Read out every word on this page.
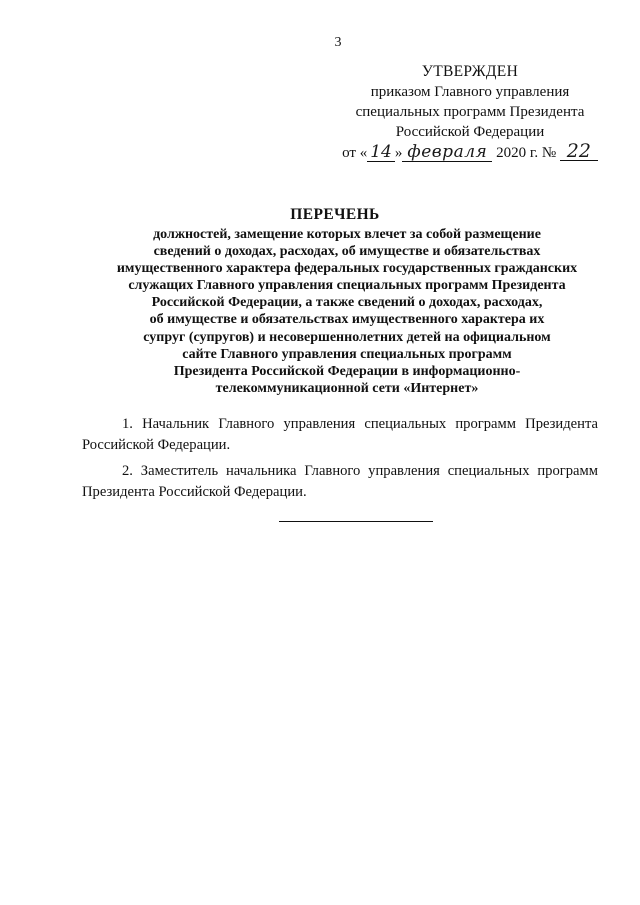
3
УТВЕРЖДЕН
приказом Главного управления
специальных программ Президента
Российской Федерации
от « 14 » февраля 2020 г. № 22
ПЕРЕЧЕНЬ
должностей, замещение которых влечет за собой размещение
сведений о доходах, расходах, об имуществе и обязательствах
имущественного характера федеральных государственных гражданских
служащих Главного управления специальных программ Президента
Российской Федерации, а также сведений о доходах, расходах,
об имуществе и обязательствах имущественного характера их
супруг (супругов) и несовершеннолетних детей на официальном
сайте Главного управления специальных программ
Президента Российской Федерации в информационно-
телекоммуникационной сети «Интернет»

1. Начальник Главного управления специальных программ Президента Российской Федерации.

2. Заместитель начальника Главного управления специальных программ Президента Российской Федерации.
